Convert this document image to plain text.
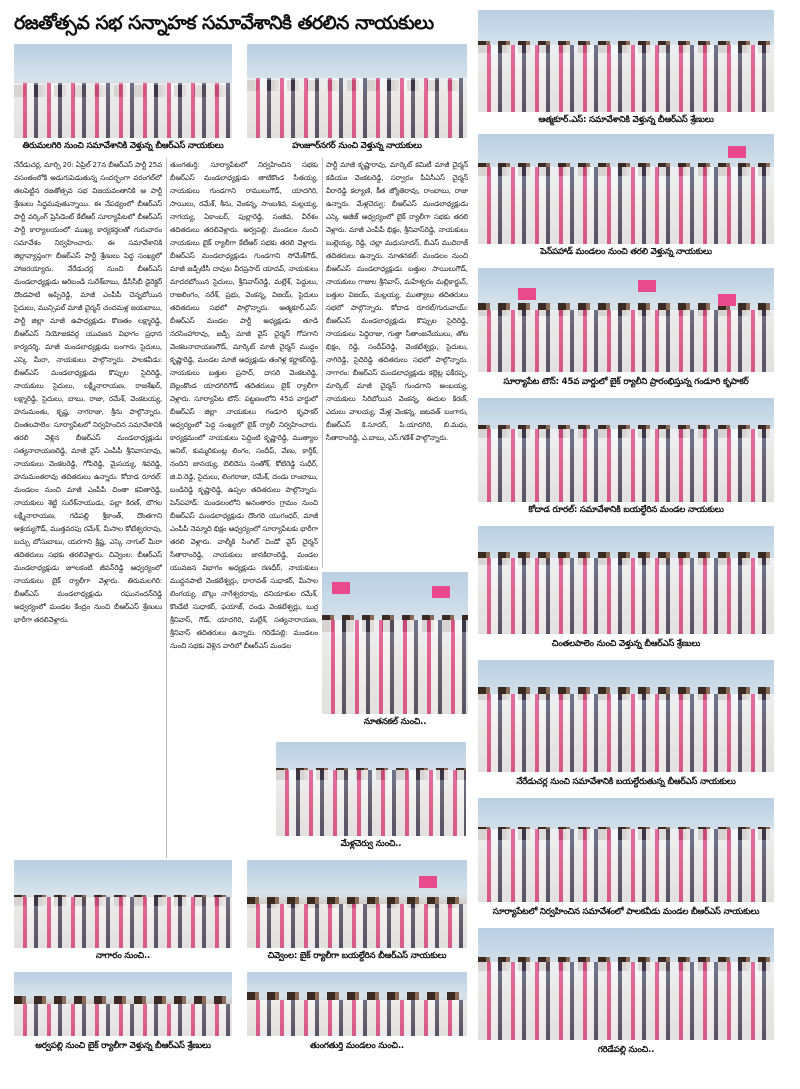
రజతోత్సవ సభ సన్నాహక సమావేశానికి తరలిన నాయకులు
తిరుమలగిరి నుంచి సమావేశానికి వెళ్తున్న బీఆర్ఎస్ నాయకులు	హుజూర్‌నగర్ నుంచి వెళ్తున్న నాయకులు
నేరేడుచర్ల, మార్చి 20: ఏప్రిల్ 27న బీఆర్ఎస్ పార్టీ 25వ వసంతంలోకి అడుగుపెడుతున్న సందర్భంగా వరంగల్‌లో తలపెట్టిన రజతోత్సవ సభ విజయవంతానికి ఆ పార్టీ శ్రేణులు సిద్ధమవుతున్నాయి. ఈ నేపథ్యంలో బీఆర్ఎస్ పార్టీ వర్కింగ్ ప్రెసిడెంట్ కేటీఆర్ సూర్యాపేటలో బీఆర్ఎస్ పార్టీ కార్యాలయంలో ముఖ్య కార్యకర్తలతో గురువారం సమావేశం నిర్వహించారు. ఈ సమావేశానికి జిల్లావ్యాప్తంగా బీఆర్ఎస్ పార్టీ శ్రేణులు పెద్ద సంఖ్యలో హాజరయ్యారు. నేరేడుచర్ల నుంచి బీఆర్ఎస్ మండలాధ్యక్షుడు అరిబండి సురేశ్‌బాబు, డీసీసీబీ డైరెక్టర్ దొండపాటి అప్పిరెడ్డి, మాజీ ఎంపీపీ చెన్నబోయిన సైదులు, మున్సిపల్ మాజీ చైర్మన్ చందమళ్ల జయబాబు, పార్టీ జిల్లా మాజీ ఉపాధ్యక్షుడు కొణతం లక్ష్మారెడ్డి, బీఆర్ఎస్ నియోజకవర్గ యువజన విభాగం ప్రధాన కార్యదర్శి, మాజీ మండలాధ్యక్షుడు బంగారు సైదులు, ఎస్కె మీరా, నాయకులు పాల్గొన్నారు. పాలకవీడు: బీఆర్ఎస్ మండలాధ్యక్షుడు కొప్పుల సైదిరెడ్డి, నాయకులు సైదులు, లక్ష్మీనారాయణ, రాజశేఖర్, లక్ష్మారెడ్డి, సైదులు, బాబు, రాజు, రమేశ్, వెంకటయ్య, హనుమంతు, కృష్ణ, నాగరాజు, శ్రీను పాల్గొన్నారు. చింతలపాలెం: సూర్యాపేటలో నిర్వహించిన సమావేశానికి తరలి వెళ్లిన బీఆర్ఎస్ మండలాధ్యక్షుడు సత్యనారాయణరెడ్డి, మాజీ వైస్ ఎంపీపీ శ్రీనివాసరావు, నాయకులు వెంకటరెడ్డి, గోపిరెడ్డి, మైసయ్య, శివరెడ్డి, హనుమంతరావు తదితరులు ఉన్నారు. కోదాడ రూరల్: మండలం నుంచి మాజీ ఎంపీపీ చింతా కవితారెడ్డి, నాయకులు శెట్టి సురేశ్‌నాయుడు, పల్లా కిరణ్, బొగల లక్ష్మీనారాయణ, గడిపల్లి శ్రీకాంత్, దొంతగాని ఆశ్రయ్యగౌడ్, ముత్తవరపు రమేశ్, మీసాల కోటేశ్వరరావు, బచ్చు బోసుబాబు, యరగాని క్రిష్ణ, ఎస్కె నాగుల్ మీరా తదితరులు సభకు తరలివెళ్లారు. చివ్వెంల: బీఆర్ఎస్ మండలాధ్యక్షుడు జూలకంటి జీవన్‌రెడ్డి ఆధ్వర్యంలో నాయకులు బైక్ ర్యాలీగా వెళ్లారు. తిరుమలగిరి: బీఆర్ఎస్ మండలాధ్యక్షుడు రఘునందన్‌రెడ్డి ఆధ్వర్యంలో మండల కేంద్రం నుంచి బీఆర్ఎస్ శ్రేణులు భారీగా తరలివెళ్లారు.
తుంగతుర్తి: సూర్యాపేటలో నిర్వహించిన సభకు బీఆర్ఎస్ మండలాధ్యక్షుడు తాటికొండ సీతయ్య, నాయకులు గుండగాని రాములుగౌడ్, యాదగిరి, సాయిలు, రమేశ్, శీను, వెంకన్న, సాంబశివ, మల్లయ్య, నాగయ్య, ఏకాంబర్, పుల్లారెడ్డి, సంజీవ, వీరేశం తదితరులు తరలివెళ్లారు. అర్వపల్లి: మండలం నుంచి నాయకులు బైక్ ర్యాలీగా కేటీఆర్ సభకు తరలి వెళ్లారు. బీఆర్ఎస్ మండలాధ్యక్షుడు గుండగాని సోమేశ్‌గౌడ్, మాజీ జడ్పీటీసీ దావుల వీరప్రసాద్ యాదవ్, నాయకులు మాదరబోయిన సైదులు, శ్రీనివాస్‌రెడ్డి, మల్లేశ్, పెద్దులు, రాజలింగం, నరేశ్, ప్రభు, వెంకన్న, విజయ్, సైదులు తదితరులు సభలో పాల్గొన్నారు. ఆత్మకూర్.ఎస్: బీఆర్ఎస్ మండల పార్టీ అధ్యక్షుడు తూడి నరసింహారావు, జడ్పీ మాజీ వైస్ చైర్మన్ గోపగాని వెంకటనారాయణగౌడ్, మార్కెట్ మాజీ చైర్మన్ ముద్దం కృష్ణారెడ్డి, మండల మాజీ అధ్యక్షుడు తంగెళ్ల కర్ణాకర్‌రెడ్డి, నాయకులు బత్తుల ప్రసాద్, దాసరి వెంకటరెడ్డి, బెల్లంకొండ యాదగిరిగౌడ్ తదితరులు బైక్ ర్యాలీగా వెళ్లారు. సూర్యాపేట టౌన్: పట్టణంలోని 45వ వార్డులో బీఆర్ఎస్ జిల్లా నాయకులు గండూరి కృపాకర్ ఆధ్వర్యంలో పెద్ద సంఖ్యలో బైక్ ర్యాలీ నిర్వహించారు. కార్యక్రమంలో నాయకులు పెద్దింటి కృష్ణారెడ్డి, ముత్యాల అనిల్, కుమ్మరికుంట్ల లింగం, సందీప్, వేణు, కార్తీక్, నందిని జానయ్య, బెలిదెసు సంతోశ్, కోటిరెడ్డి సుధీర్, జి.వి.రెడ్డి, సైదులు, లింగరాజు, రమేశ్, దండు రాంబాబు, బండిరెడ్డి కృష్ణారెడ్డి, ఉప్పల తదితరులు పాల్గొన్నారు. పెన్‌పహాడ్: మండలంలోని అనంతారం గ్రామం నుంచి బీఆర్ఎస్ మండలాధ్యక్షుడు దొంగరి యుగంధర్, మాజీ ఎంపీపీ నెమ్మాది భిక్షం ఆధ్వర్యంలో సూర్యాపేటకు భారీగా తరలి వెళ్లారు. వాల్మీకి సింగిల్ విండో వైస్ చైర్మన్ సీతారాంరెడ్డి, నాయకులు జానకిరాంరెడ్డి, మండల యువజన విభాగం అధ్యక్షుడు రణధీర్, నాయకులు ముద్దనపాటి వెంకటేశ్వర్లు, ధారావత్ సుధాకర్, మీసాల లింగయ్య, బొల్లు నాగేశ్వరరావు, దనియాకుల రమేశ్, కొండేటి సుధాకర్, ఫయాజ్, దండు వెంకటేశ్వర్లు, బుర్ర శ్రీనివాస్, గౌడ్, యాదగిరి, మల్లేశ్, సత్యనారాయణ, శ్రీనివాస్ తదితరులు ఉన్నారు. గరిడేపల్లి: మండలం నుంచి సభకు వెళ్లిన వారిలో బీఆర్ఎస్ మండల
పార్టీ మాజీ కృష్ణారావు, మార్కెట్ కమిటీ మాజీ చైర్మన్ కడియం వెంకటరెడ్డి, సర్వారం పీఏసీఎస్ చైర్మన్ వీరారెడ్డి కల్యాణి, కీత జ్యోతిరావు, రాంబాబు, రాజు ఉన్నారు. మేళ్లచెర్వు: బీఆర్ఎస్ మండలాధ్యక్షుడు ఎస్కె అజీజ్ ఆధ్వర్యంలో బైక్ ర్యాలీగా సభకు తరలి వెళ్లారు. మాజీ ఎంపీపీ భిక్షం, శ్రీనివాస్‌రెడ్డి, నాయకులు బుల్లెయ్య, రెడ్డి, చల్లా మధుసూదన్, బీఎస్ ముదిరాజ్ తదితరులు ఉన్నారు. నూతనకల్: మండలం నుంచి బీఆర్ఎస్ మండలాధ్యక్షుడు బత్తుల సాయిలుగౌడ్, నాయకులు గాజుల శ్రీనివాస్, మహేశ్వరం మల్లికార్జున్, బత్తుల విజయ్, మల్లయ్య, ముత్యాలు తదితరులు సభలో పాల్గొన్నారు. కోదాడ రూరల్/గురువాయ్: బీఆర్ఎస్ మండలాధ్యక్షుడు కొప్పుల సైదిరెడ్డి, నాయకులు పెద్దిరాజు, గుత్తా సీతాంజనేయులు, తోట భిక్షం, రెడ్డి, సందీప్‌రెడ్డి, వెంకటేశ్వర్లు, సైదులు, నాగిరెడ్డి, సైదిరెడ్డి తదితరులు సభలో పాల్గొన్నారు. నాగారం: బీఆర్ఎస్ మండలాధ్యక్షుడు కల్లెట్ల ఫకీరప్ప, మార్కెట్ మాజీ చైర్మన్ గుండగాని అంబయ్య, నాయకులు సిరిబోయిన వెంకన్న, ఈదుల కిరణ్, ఎదులు వాలయ్య, మేళ్ల వెంకన్న, జటవత్ బంగారు, బీఆర్ఎస్ కె.సూదర్, పి.యాదగిరి, బి.మధు, సీతారాంరెడ్డి, ఎ.బాబు, ఎస్.గణేశ్ పాల్గొన్నారు.
నూతనకల్ నుంచి..
మేళ్లచెర్వు నుంచి..
నాగారం నుంచి..	చివ్వెంల: బైక్ ర్యాలీగా బయల్దేరిన బీఆర్ఎస్ నాయకులు
అర్వపల్లి నుంచి బైక్ ర్యాలీగా వెళ్తున్న బీఆర్ఎస్ శ్రేణులు	తుంగతుర్తి మండలం నుంచి..
ఆత్మకూర్.ఎస్: సమావేశానికి వెళ్తున్న బీఆర్ఎస్ శ్రేణులు
పెన్‌పహాడ్ మండలం నుంచి తరలి వెళ్తున్న నాయకులు
సూర్యాపేట టౌన్: 45వ వార్డులో బైక్ ర్యాలీని ప్రారంభిస్తున్న గండూరి కృపాకర్
కోదాడ రూరల్: సమావేశానికి బయల్దేరిన మండల నాయకులు
చింతలపాలెం నుంచి వెళ్తున్న బీఆర్ఎస్ శ్రేణులు
నేరేడుచర్ల నుంచి సమావేశానికి బయల్దేరుతున్న బీఆర్ఎస్ నాయకులు
సూర్యాపేటలో నిర్వహించిన సమావేశంలో పాలకవీడు మండల బీఆర్ఎస్ నాయకులు
గరిడేపల్లి నుంచి..
